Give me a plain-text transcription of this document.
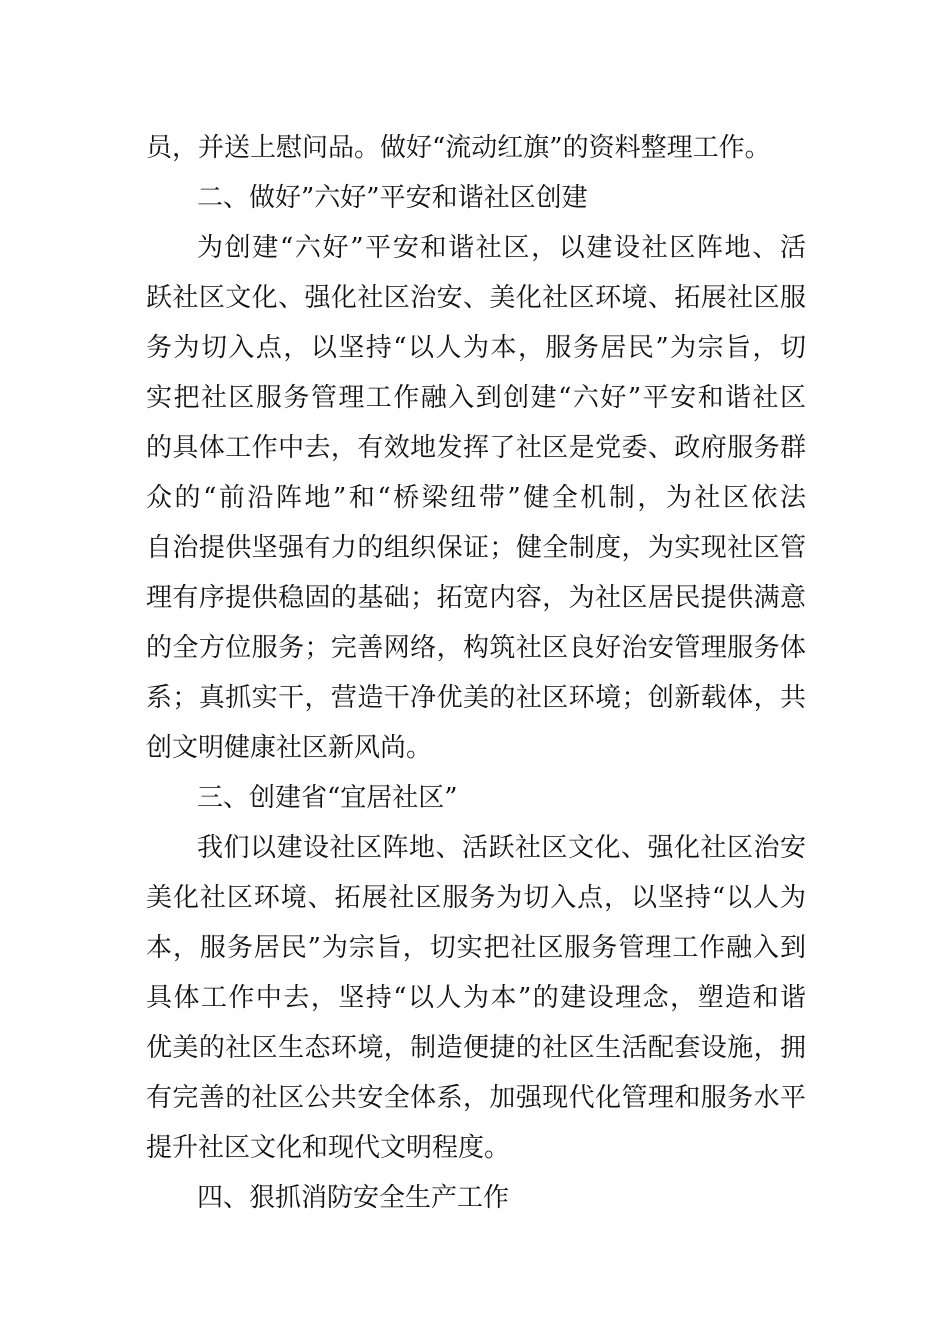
员，并送上慰问品。做好“流动红旗”的资料整理工作。
二、做好”六好”平安和谐社区创建
为创建“六好”平安和谐社区，以建设社区阵地、活
跃社区文化、强化社区治安、美化社区环境、拓展社区服
务为切入点，以坚持“以人为本，服务居民”为宗旨，切
实把社区服务管理工作融入到创建“六好”平安和谐社区
的具体工作中去，有效地发挥了社区是党委、政府服务群
众的“前沿阵地”和“桥梁纽带”健全机制，为社区依法
自治提供坚强有力的组织保证；健全制度，为实现社区管
理有序提供稳固的基础；拓宽内容，为社区居民提供满意
的全方位服务；完善网络，构筑社区良好治安管理服务体
系；真抓实干，营造干净优美的社区环境；创新载体，共
创文明健康社区新风尚。
三、创建省“宜居社区”
我们以建设社区阵地、活跃社区文化、强化社区治安
美化社区环境、拓展社区服务为切入点，以坚持“以人为
本，服务居民”为宗旨，切实把社区服务管理工作融入到
具体工作中去，坚持“以人为本”的建设理念，塑造和谐
优美的社区生态环境，制造便捷的社区生活配套设施，拥
有完善的社区公共安全体系，加强现代化管理和服务水平
提升社区文化和现代文明程度。
四、狠抓消防安全生产工作
